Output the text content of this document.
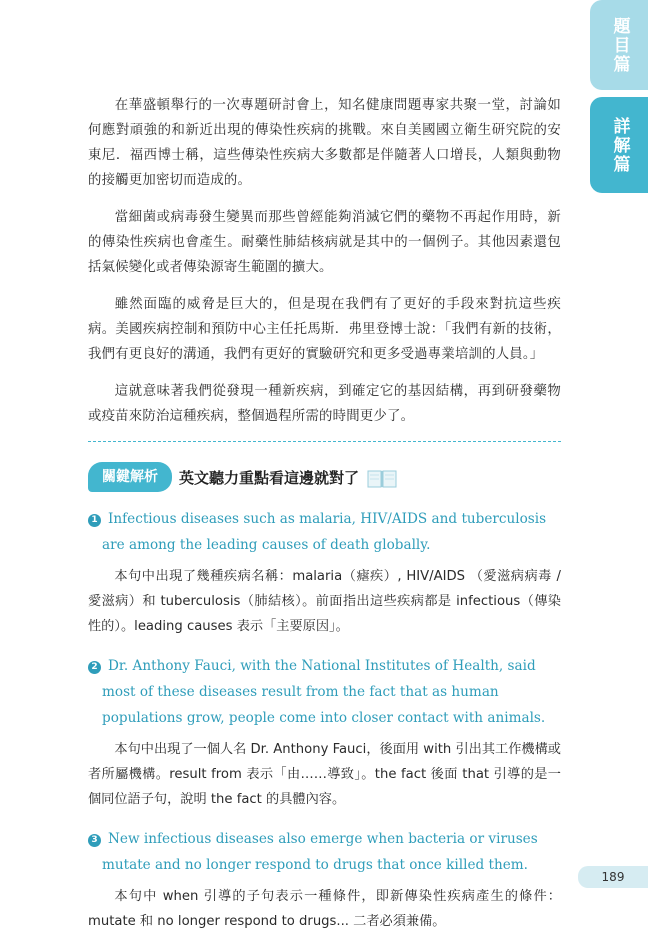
題目篇
詳解篇

在華盛頓舉行的一次專題研討會上，知名健康問題專家共聚一堂，討論如何應對頑強的和新近出現的傳染性疾病的挑戰。來自美國國立衛生研究院的安東尼．福西博士稱，這些傳染性疾病大多數都是伴隨著人口增長，人類與動物的接觸更加密切而造成的。

當細菌或病毒發生變異而那些曾經能夠消滅它們的藥物不再起作用時，新的傳染性疾病也會產生。耐藥性肺結核病就是其中的一個例子。其他因素還包括氣候變化或者傳染源寄生範圍的擴大。

雖然面臨的威脅是巨大的，但是現在我們有了更好的手段來對抗這些疾病。美國疾病控制和預防中心主任托馬斯．弗里登博士說：「我們有新的技術，我們有更良好的溝通，我們有更好的實驗研究和更多受過專業培訓的人員。」

這就意味著我們從發現一種新疾病，到確定它的基因結構，再到研發藥物或疫苗來防治這種疾病，整個過程所需的時間更少了。

關鍵解析	英文聽力重點看這邊就對了

1 Infectious diseases such as malaria, HIV/AIDS and tuberculosis are among the leading causes of death globally.

本句中出現了幾種疾病名稱：malaria（瘧疾）, HIV/AIDS （愛滋病病毒 / 愛滋病）和 tuberculosis（肺結核）。前面指出這些疾病都是 infectious（傳染性的）。leading causes 表示「主要原因」。

2 Dr. Anthony Fauci, with the National Institutes of Health, said most of these diseases result from the fact that as human populations grow, people come into closer contact with animals.

本句中出現了一個人名 Dr. Anthony Fauci，後面用 with 引出其工作機構或者所屬機構。result from 表示「由……導致」。the fact 後面 that 引導的是一個同位語子句，說明 the fact 的具體內容。

3 New infectious diseases also emerge when bacteria or viruses mutate and no longer respond to drugs that once killed them.

本句中 when 引導的子句表示一種條件，即新傳染性疾病產生的條件：mutate 和 no longer respond to drugs... 二者必須兼備。

189
